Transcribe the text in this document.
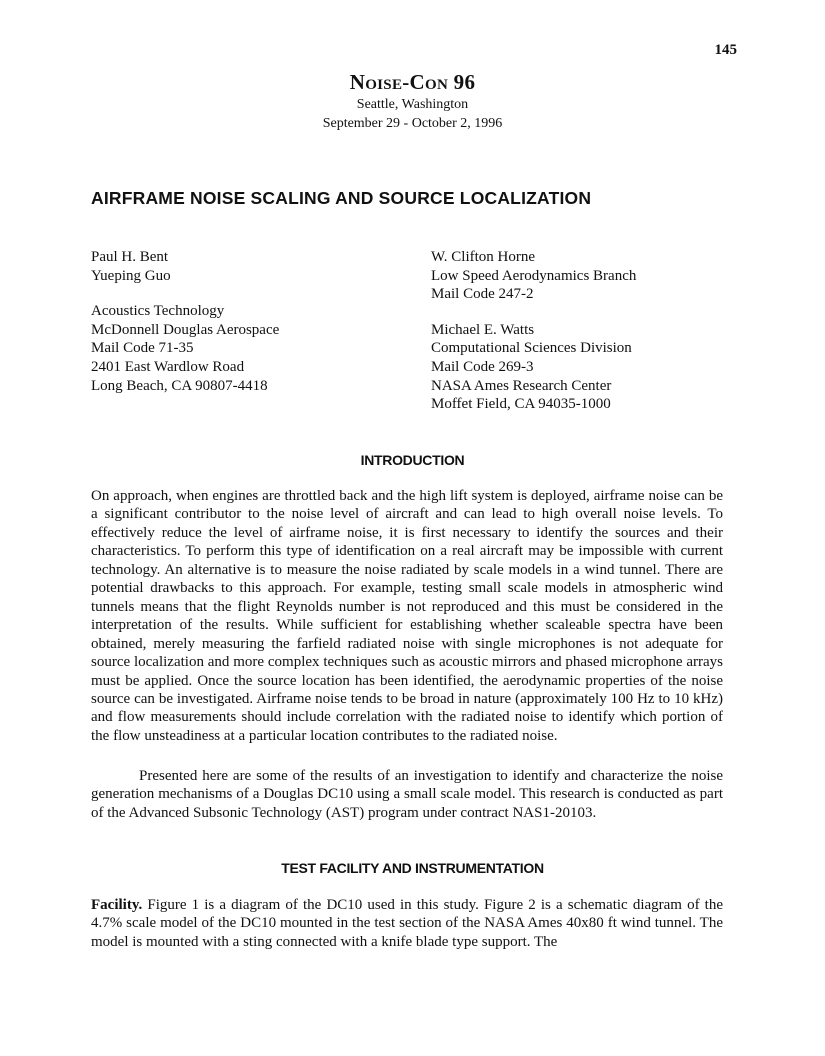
145
Noise-Con 96
Seattle, Washington
September 29 - October 2, 1996
AIRFRAME NOISE SCALING AND SOURCE LOCALIZATION
Paul H. Bent
Yueping Guo
Acoustics Technology
McDonnell Douglas Aerospace
Mail Code 71-35
2401 East Wardlow Road
Long Beach, CA 90807-4418
W. Clifton Horne
Low Speed Aerodynamics Branch
Mail Code 247-2
Michael E. Watts
Computational Sciences Division
Mail Code 269-3
NASA Ames Research Center
Moffet Field, CA 94035-1000
INTRODUCTION

On approach, when engines are throttled back and the high lift system is deployed, airframe noise can be a significant contributor to the noise level of aircraft and can lead to high overall noise levels. To effectively reduce the level of airframe noise, it is first necessary to identify the sources and their characteristics. To perform this type of identification on a real aircraft may be impossible with current technology. An alternative is to measure the noise radiated by scale models in a wind tunnel. There are potential drawbacks to this approach. For example, testing small scale models in atmospheric wind tunnels means that the flight Reynolds number is not reproduced and this must be considered in the interpretation of the results. While sufficient for establishing whether scaleable spectra have been obtained, merely measuring the farfield radiated noise with single microphones is not adequate for source localization and more complex techniques such as acoustic mirrors and phased microphone arrays must be applied. Once the source location has been identified, the aerodynamic properties of the noise source can be investigated. Airframe noise tends to be broad in nature (approximately 100 Hz to 10 kHz) and flow measurements should include correlation with the radiated noise to identify which portion of the flow unsteadiness at a particular location contributes to the radiated noise.

Presented here are some of the results of an investigation to identify and characterize the noise generation mechanisms of a Douglas DC10 using a small scale model. This research is conducted as part of the Advanced Subsonic Technology (AST) program under contract NAS1-20103.

TEST FACILITY AND INSTRUMENTATION

Facility. Figure 1 is a diagram of the DC10 used in this study. Figure 2 is a schematic diagram of the 4.7% scale model of the DC10 mounted in the test section of the NASA Ames 40x80 ft wind tunnel. The model is mounted with a sting connected with a knife blade type support. The
